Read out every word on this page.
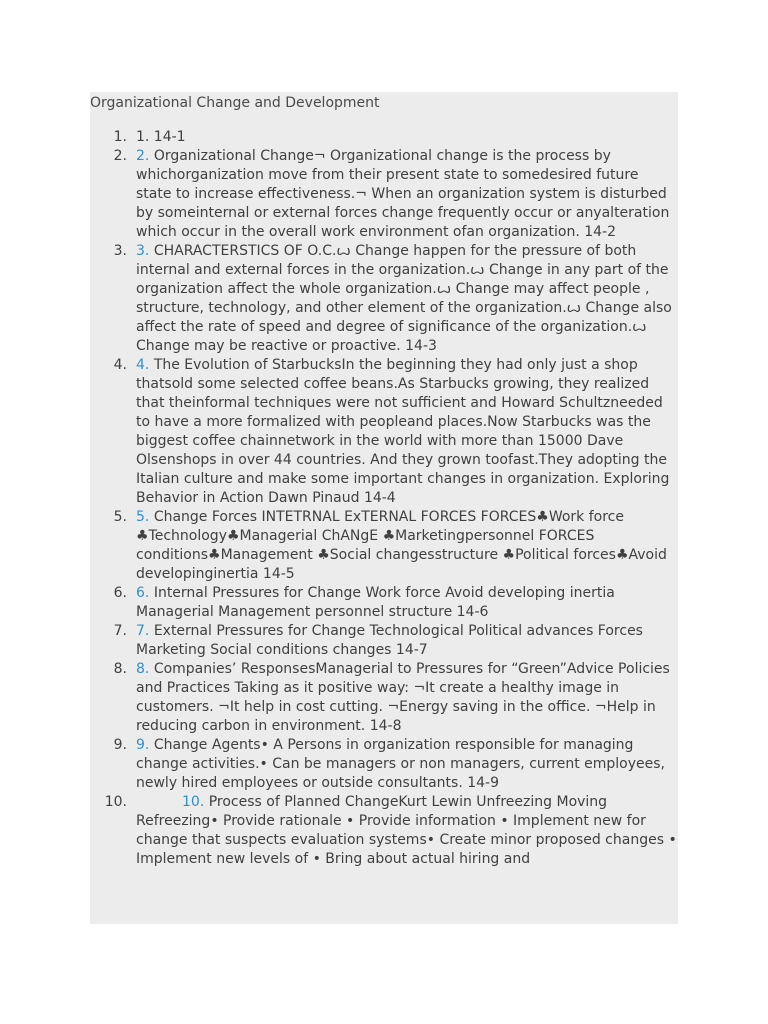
Organizational Change and Development
1. 1. 14-1
2. 2. Organizational Change¬ Organizational change is the process by whichorganization move from their present state to somedesired future state to increase effectiveness.¬ When an organization system is disturbed by someinternal or external forces change frequently occur or anyalteration which occur in the overall work environment ofan organization. 14-2
3. 3. CHARACTERSTICS OF O.C.ꙍ Change happen for the pressure of both internal and external forces in the organization.ꙍ Change in any part of the organization affect the whole organization.ꙍ Change may affect people , structure, technology, and other element of the organization.ꙍ Change also affect the rate of speed and degree of significance of the organization.ꙍ Change may be reactive or proactive. 14-3
4. 4. The Evolution of StarbucksIn the beginning they had only just a shop thatsold some selected coffee beans.As Starbucks growing, they realized that theinformal techniques were not sufficient and Howard Schultzneeded to have a more formalized with peopleand places.Now Starbucks was the biggest coffee chainnetwork in the world with more than 15000 Dave Olsenshops in over 44 countries. And they grown toofast.They adopting the Italian culture and make some important changes in organization. Exploring Behavior in Action Dawn Pinaud 14-4
5. 5. Change Forces INTETRNAL ExTERNAL FORCES FORCES♣Work force ♣Technology♣Managerial ChANgE ♣Marketingpersonnel FORCES conditions♣Management ♣Social changesstructure ♣Political forces♣Avoid developinginertia 14-5
6. 6. Internal Pressures for Change Work force Avoid developing inertia Managerial Management personnel structure 14-6
7. 7. External Pressures for Change Technological Political advances Forces Marketing Social conditions changes 14-7
8. 8. Companies’ ResponsesManagerial to Pressures for “Green”Advice Policies and Practices Taking as it positive way: ¬It create a healthy image in customers. ¬It help in cost cutting. ¬Energy saving in the office. ¬Help in reducing carbon in environment. 14-8
9. 9. Change Agents• A Persons in organization responsible for managing change activities.• Can be managers or non managers, current employees, newly hired employees or outside consultants. 14-9
10.	10. Process of Planned ChangeKurt Lewin Unfreezing Moving Refreezing• Provide rationale • Provide information • Implement new for change that suspects evaluation systems• Create minor proposed changes • Implement new levels of • Bring about actual hiring and
